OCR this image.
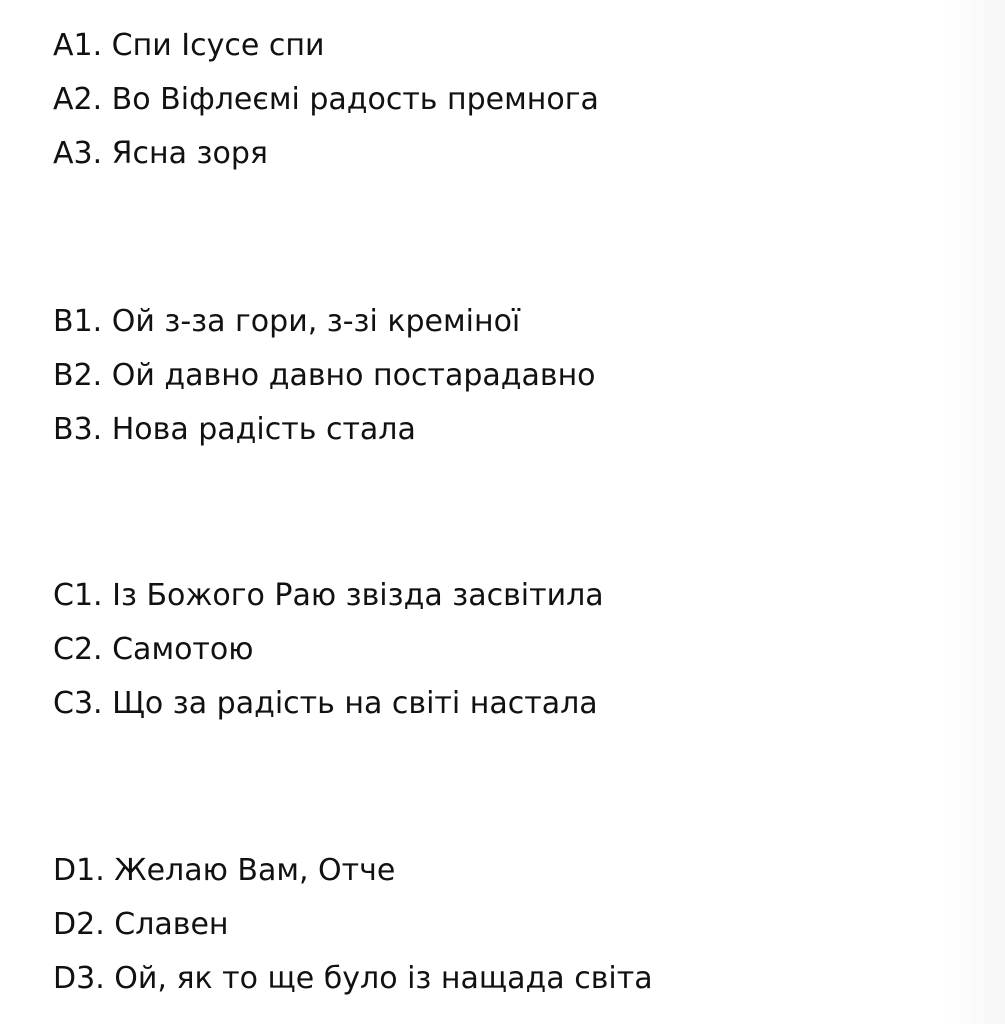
A1. Спи Ісусе спи

A2. Во Віфлеємі радость премнога

A3. Ясна зоря

B1. Ой з-за гори, з-зі кремінoї

B2. Ой давно давно постарадавно

B3. Нова радість стала

C1. Із Божого Раю звізда засвітила

C2. Самотою

C3. Що за радість на світі настала

D1. Желаю Вам, Отче

D2. Славен

D3. Ой, як то ще було із нащада світа
